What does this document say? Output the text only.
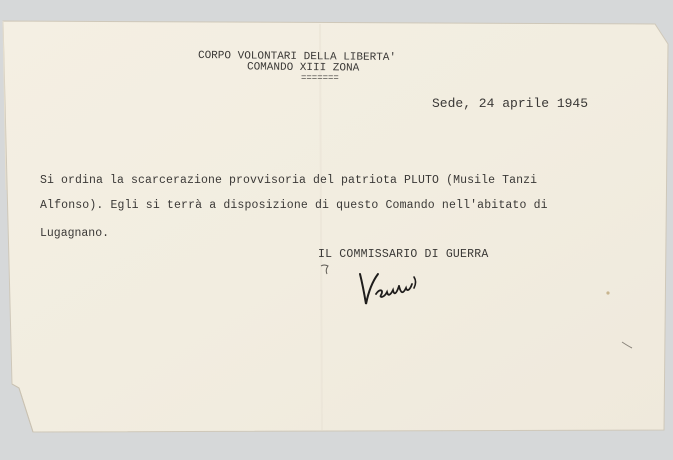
CORPO VOLONTARI DELLA LIBERTA'
COMANDO XIII ZONA
=======
Sede, 24 aprile 1945
Si ordina la scarcerazione provvisoria del patriota PLUTO (Musile Tanzi
Alfonso). Egli si terrà a disposizione di questo Comando nell'abitato di
Lugagnano.
IL COMMISSARIO DI GUERRA
